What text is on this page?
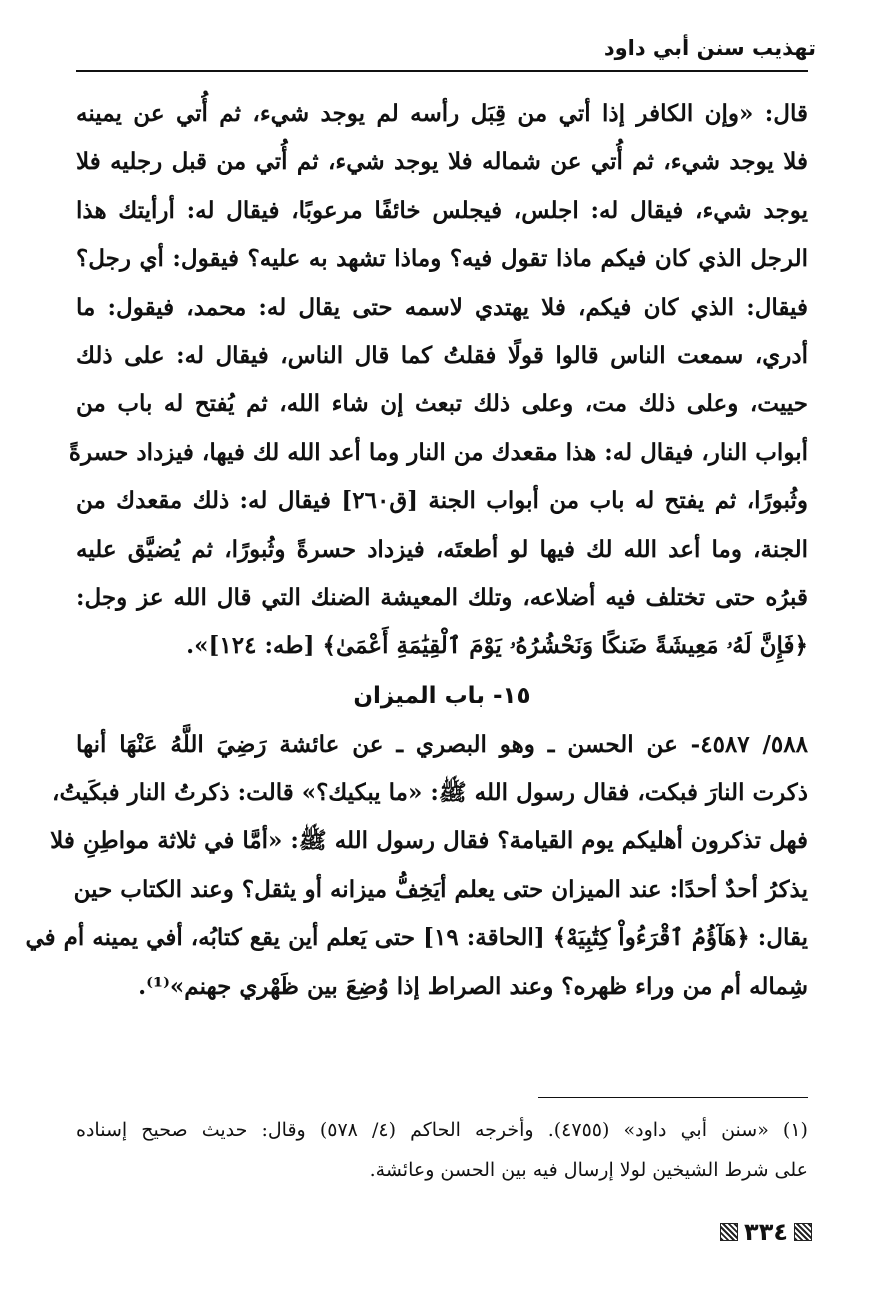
تهذيب سنن أبي داود
قال: «وإن الكافر إذا أتي من قِبَل رأسه لم يوجد شيء، ثم أُتي عن يمينه
فلا يوجد شيء، ثم أُتي عن شماله فلا يوجد شيء، ثم أُتي من قبل رجليه فلا
يوجد شيء، فيقال له: اجلس، فيجلس خائفًا مرعوبًا، فيقال له: أرأيتك هذا
الرجل الذي كان فيكم ماذا تقول فيه؟ وماذا تشهد به عليه؟ فيقول: أي رجل؟
فيقال: الذي كان فيكم، فلا يهتدي لاسمه حتى يقال له: محمد، فيقول: ما
أدري، سمعت الناس قالوا قولًا فقلتُ كما قال الناس، فيقال له: على ذلك
حييت، وعلى ذلك مت، وعلى ذلك تبعث إن شاء الله، ثم يُفتح له باب من
أبواب النار، فيقال له: هذا مقعدك من النار وما أعد الله لك فيها، فيزداد حسرةً
وثُبورًا، ثم يفتح له باب من أبواب الجنة [ق٢٦٠] فيقال له: ذلك مقعدك من
الجنة، وما أعد الله لك فيها لو أطعتَه، فيزداد حسرةً وثُبورًا، ثم يُضيَّق عليه
قبرُه حتى تختلف فيه أضلاعه، وتلك المعيشة الضنك التي قال الله عز وجل:
﴿فَإِنَّ لَهُۥ مَعِيشَةً ضَنكًا وَنَحْشُرُهُۥ يَوْمَ ٱلْقِيَٰمَةِ أَعْمَىٰ﴾ [طه: ١٢٤]».
١٥- باب الميزان
٥٨٨/ ٤٥٨٧- عن الحسن ـ وهو البصري ـ عن عائشة رَضِيَ اللَّهُ عَنْهَا أنها
ذكرت النارَ فبكت، فقال رسول الله ﷺ: «ما يبكيك؟» قالت: ذكرتُ النار فبكَيتُ،
فهل تذكرون أهليكم يوم القيامة؟ فقال رسول الله ﷺ: «أمَّا في ثلاثة مواطِنِ فلا
يذكرُ أحدٌ أحدًا: عند الميزان حتى يعلم أيَخِفُّ ميزانه أو يثقل؟ وعند الكتاب حين
يقال: ﴿هَآؤُمُ ٱقْرَءُواْ كِتَٰبِيَهْ﴾ [الحاقة: ١٩] حتى يَعلم أين يقع كتابُه، أفي يمينه أم في
شِماله أم من وراء ظهره؟ وعند الصراط إذا وُضِعَ بين ظَهْري جهنم»⁽¹⁾.
(١) «سنن أبي داود» (٤٧٥٥). وأخرجه الحاكم (٤/ ٥٧٨) وقال: حديث صحيح إسناده
على شرط الشيخين لولا إرسال فيه بين الحسن وعائشة.
٣٣٤
